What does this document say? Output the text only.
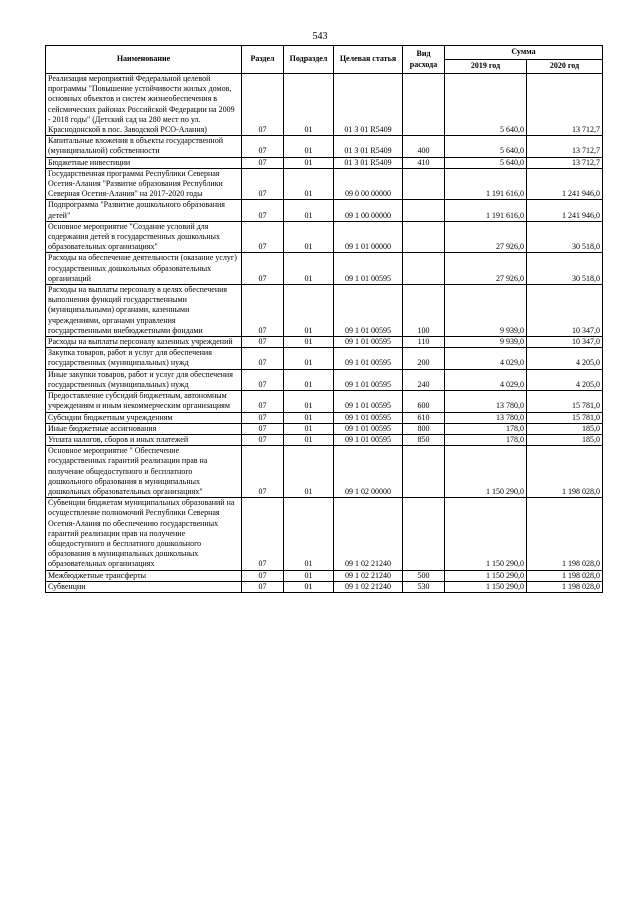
543
Наименование	Раздел	Подраздел	Целевая статья	Вид расхода	Сумма	
					2019 год	2020 год
Реализация мероприятий Федеральной целевой программы "Повышение устойчивости жилых домов, основных объектов и систем жизнеобеспечения в сейсмических районах Российской Федерации на 2009 - 2018 годы" (Детский сад на 280 мест по ул. Краснодонской в пос. Заводской РСО-Алания)	07	01	01 3 01 R5409		5 640,0	13 712,7
Капитальные вложения в объекты государственной (муниципальной) собственности	07	01	01 3 01 R5409	400	5 640,0	13 712,7
Бюджетные инвестиции	07	01	01 3 01 R5409	410	5 640,0	13 712,7
Государственная программа Республики Северная Осетия-Алания "Развитие образования Республики Северная Осетия-Алания" на 2017-2020 годы	07	01	09 0 00 00000		1 191 616,0	1 241 946,0
Подпрограмма "Развитие дошкольного образования детей"	07	01	09 1 00 00000		1 191 616,0	1 241 946,0
Основное мероприятие "Создание условий для содержания детей в государственных дошкольных образовательных организациях"	07	01	09 1 01 00000		27 926,0	30 518,0
Расходы на обеспечение деятельности (оказание услуг) государственных дошкольных образовательных организаций	07	01	09 1 01 00595		27 926,0	30 518,0
Расходы на выплаты персоналу в целях обеспечения выполнения функций государственными (муниципальными) органами, казенными учреждениями, органами управления государственными внебюджетными фондами	07	01	09 1 01 00595	100	9 939,0	10 347,0
Расходы на выплаты персоналу казенных учреждений	07	01	09 1 01 00595	110	9 939,0	10 347,0
Закупка товаров, работ и услуг для обеспечения государственных (муниципальных) нужд	07	01	09 1 01 00595	200	4 029,0	4 205,0
Иные закупки товаров, работ и услуг для обеспечения государственных (муниципальных) нужд	07	01	09 1 01 00595	240	4 029,0	4 205,0
Предоставление субсидий бюджетным, автономным учреждениям и иным некоммерческим организациям	07	01	09 1 01 00595	600	13 780,0	15 781,0
Субсидии бюджетным учреждениям	07	01	09 1 01 00595	610	13 780,0	15 781,0
Иные бюджетные ассигнования	07	01	09 1 01 00595	800	178,0	185,0
Уплата налогов, сборов и иных платежей	07	01	09 1 01 00595	850	178,0	185,0
Основное мероприятие " Обеспечение государственных гарантий реализации прав на получение общедоступного и бесплатного дошкольного образования в муниципальных дошкольных образовательных организациях"	07	01	09 1 02 00000		1 150 290,0	1 198 028,0
Субвенции бюджетам муниципальных образований на осуществление полномочий Республики Северная Осетия-Алания по обеспечению государственных гарантий реализации прав на получение общедоступного и бесплатного дошкольного образования в муниципальных дошкольных образовательных организациях	07	01	09 1 02 21240		1 150 290,0	1 198 028,0
Межбюджетные трансферты	07	01	09 1 02 21240	500	1 150 290,0	1 198 028,0
Субвенции	07	01	09 1 02 21240	530	1 150 290,0	1 198 028,0
